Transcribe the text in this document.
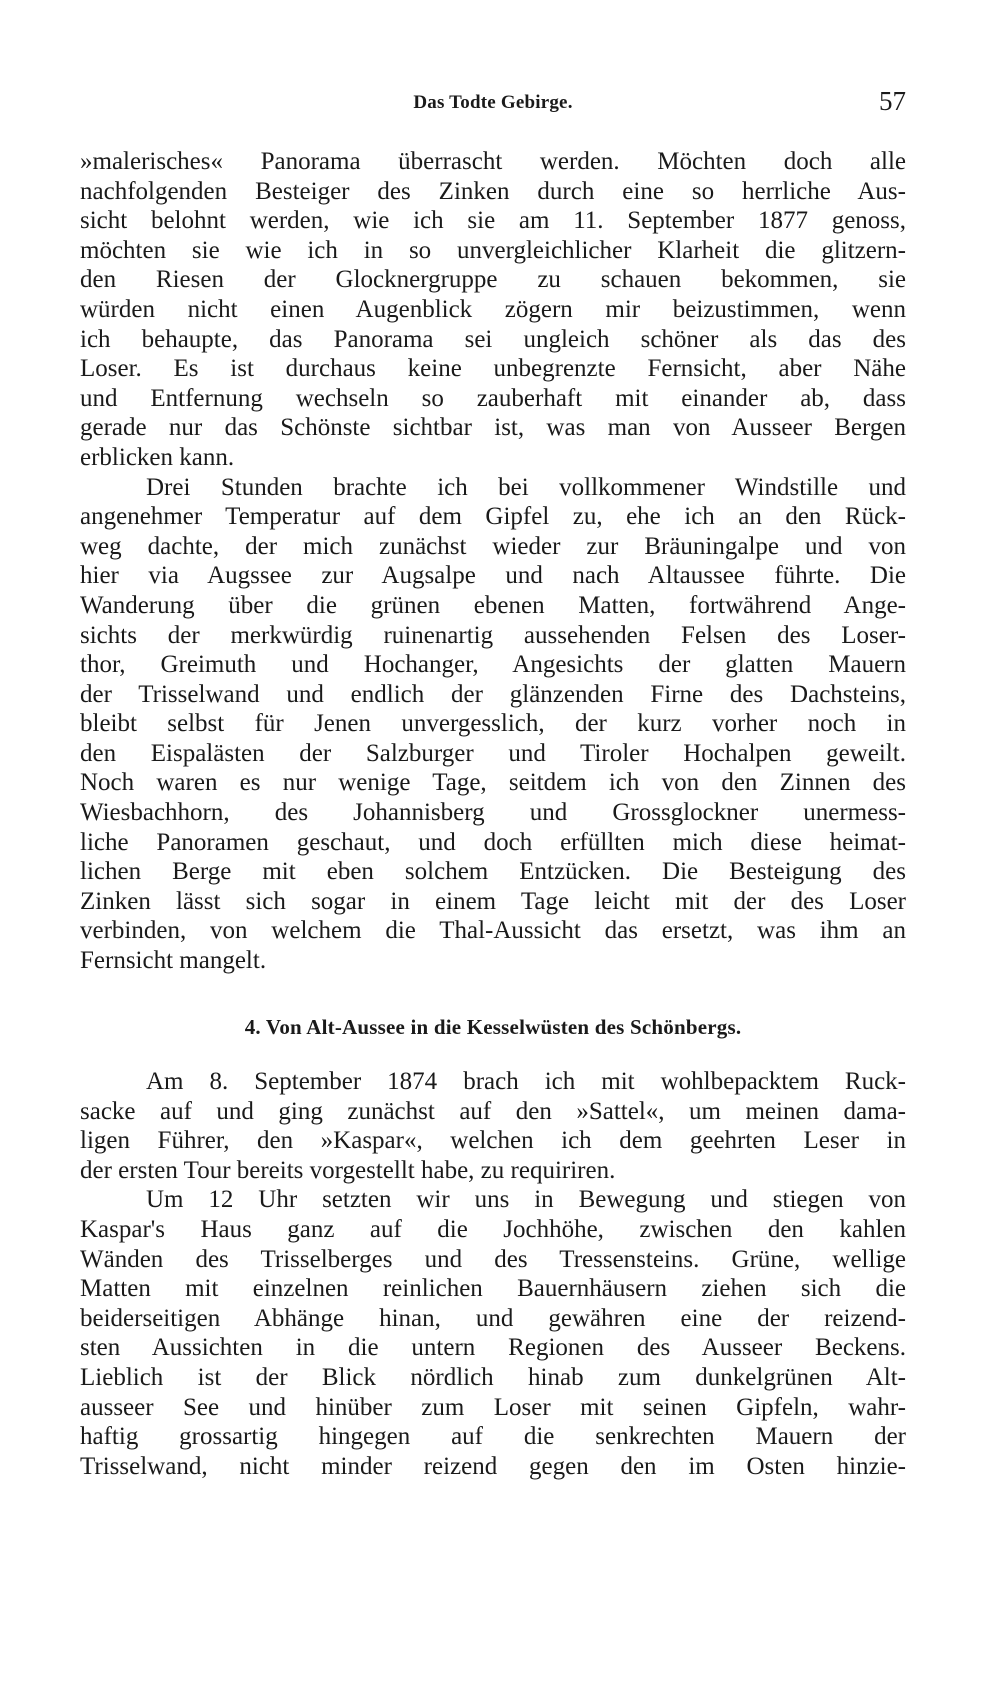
Das Todte Gebirge.	57
»malerisches« Panorama überrascht werden. Möchten doch alle
nachfolgenden Besteiger des Zinken durch eine so herrliche Aus-
sicht belohnt werden, wie ich sie am 11. September 1877 genoss,
möchten sie wie ich in so unvergleichlicher Klarheit die glitzern-
den Riesen der Glocknergruppe zu schauen bekommen, sie
würden nicht einen Augenblick zögern mir beizustimmen, wenn
ich behaupte, das Panorama sei ungleich schöner als das des
Loser. Es ist durchaus keine unbegrenzte Fernsicht, aber Nähe
und Entfernung wechseln so zauberhaft mit einander ab, dass
gerade nur das Schönste sichtbar ist, was man von Ausseer Bergen
erblicken kann.
Drei Stunden brachte ich bei vollkommener Windstille und
angenehmer Temperatur auf dem Gipfel zu, ehe ich an den Rück-
weg dachte, der mich zunächst wieder zur Bräuningalpe und von
hier via Augssee zur Augsalpe und nach Altaussee führte. Die
Wanderung über die grünen ebenen Matten, fortwährend Ange-
sichts der merkwürdig ruinenartig aussehenden Felsen des Loser-
thor, Greimuth und Hochanger, Angesichts der glatten Mauern
der Trisselwand und endlich der glänzenden Firne des Dachsteins,
bleibt selbst für Jenen unvergesslich, der kurz vorher noch in
den Eispalästen der Salzburger und Tiroler Hochalpen geweilt.
Noch waren es nur wenige Tage, seitdem ich von den Zinnen des
Wiesbachhorn, des Johannisberg und Grossglockner unermess-
liche Panoramen geschaut, und doch erfüllten mich diese heimat-
lichen Berge mit eben solchem Entzücken. Die Besteigung des
Zinken lässt sich sogar in einem Tage leicht mit der des Loser
verbinden, von welchem die Thal-Aussicht das ersetzt, was ihm an
Fernsicht mangelt.
4. Von Alt-Aussee in die Kesselwüsten des Schönbergs.
Am 8. September 1874 brach ich mit wohlbepacktem Ruck-
sacke auf und ging zunächst auf den »Sattel«, um meinen dama-
ligen Führer, den »Kaspar«, welchen ich dem geehrten Leser in
der ersten Tour bereits vorgestellt habe, zu requiriren.
Um 12 Uhr setzten wir uns in Bewegung und stiegen von
Kaspar's Haus ganz auf die Jochhöhe, zwischen den kahlen
Wänden des Trisselberges und des Tressensteins. Grüne, wellige
Matten mit einzelnen reinlichen Bauernhäusern ziehen sich die
beiderseitigen Abhänge hinan, und gewähren eine der reizend-
sten Aussichten in die untern Regionen des Ausseer Beckens.
Lieblich ist der Blick nördlich hinab zum dunkelgrünen Alt-
ausseer See und hinüber zum Loser mit seinen Gipfeln, wahr-
haftig grossartig hingegen auf die senkrechten Mauern der
Trisselwand, nicht minder reizend gegen den im Osten hinzie-
